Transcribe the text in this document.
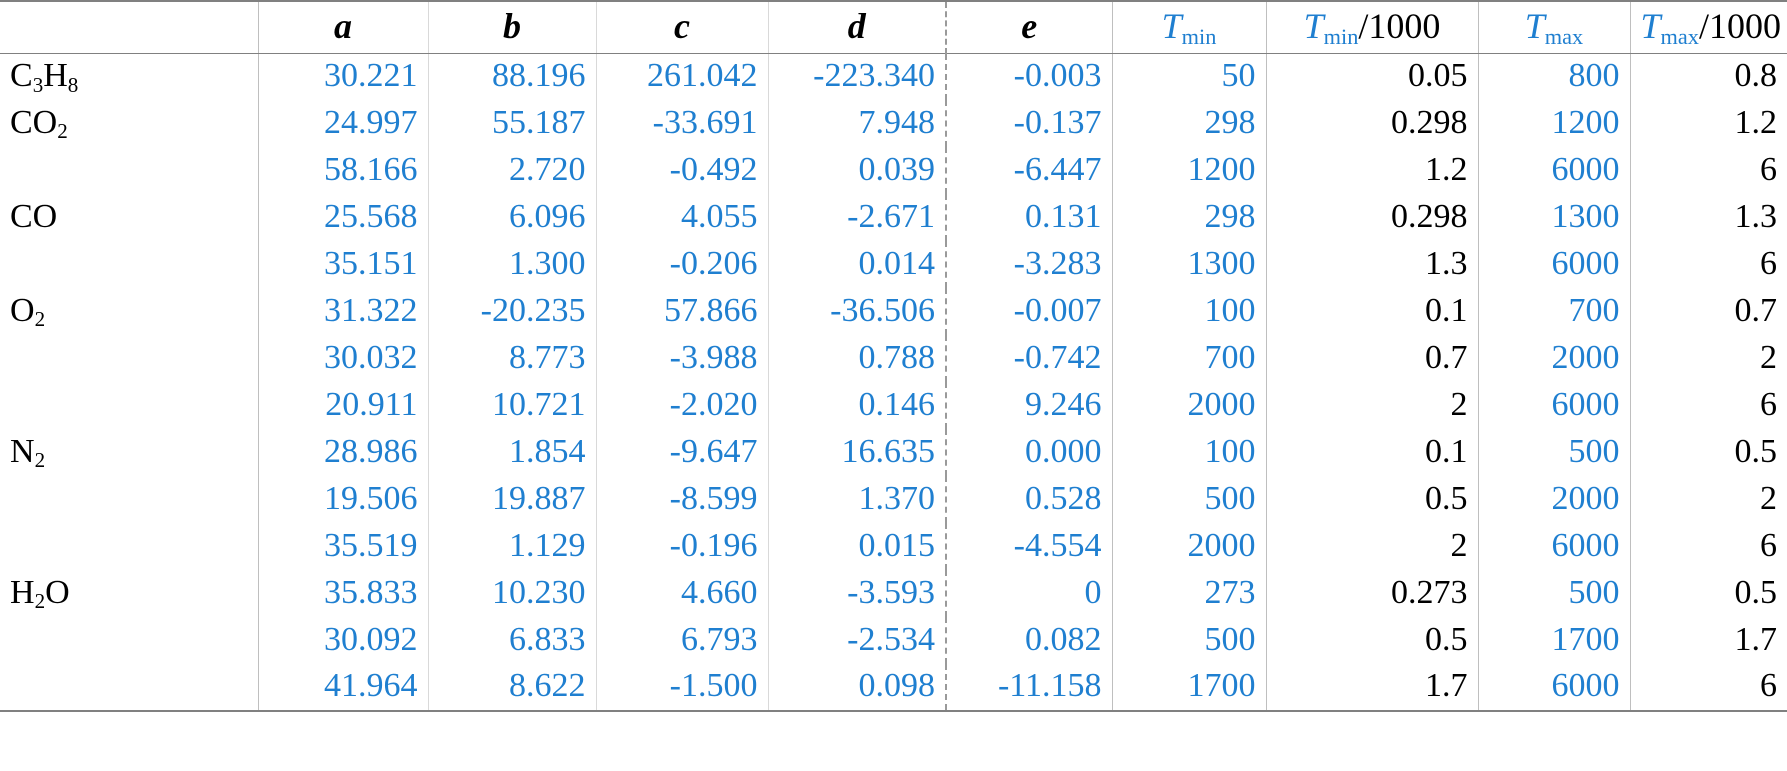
	a	b	c	d	e	$T_{min}$	$T_{min}/1000$	$T_{max}$	$T_{max}/1000$
$C_3H_8$	30.221	88.196	261.042	-223.340	-0.003	50	0.05	800	0.8
$CO_2$	24.997	55.187	-33.691	7.948	-0.137	298	0.298	1200	1.2
	58.166	2.720	-0.492	0.039	-6.447	1200	1.2	6000	6
CO	25.568	6.096	4.055	-2.671	0.131	298	0.298	1300	1.3
	35.151	1.300	-0.206	0.014	-3.283	1300	1.3	6000	6
$O_2$	31.322	-20.235	57.866	-36.506	-0.007	100	0.1	700	0.7
	30.032	8.773	-3.988	0.788	-0.742	700	0.7	2000	2
	20.911	10.721	-2.020	0.146	9.246	2000	2	6000	6
$N_2$	28.986	1.854	-9.647	16.635	0.000	100	0.1	500	0.5
	19.506	19.887	-8.599	1.370	0.528	500	0.5	2000	2
	35.519	1.129	-0.196	0.015	-4.554	2000	2	6000	6
$H_2O$	35.833	10.230	4.660	-3.593	0	273	0.273	500	0.5
	30.092	6.833	6.793	-2.534	0.082	500	0.5	1700	1.7
	41.964	8.622	-1.500	0.098	-11.158	1700	1.7	6000	6
